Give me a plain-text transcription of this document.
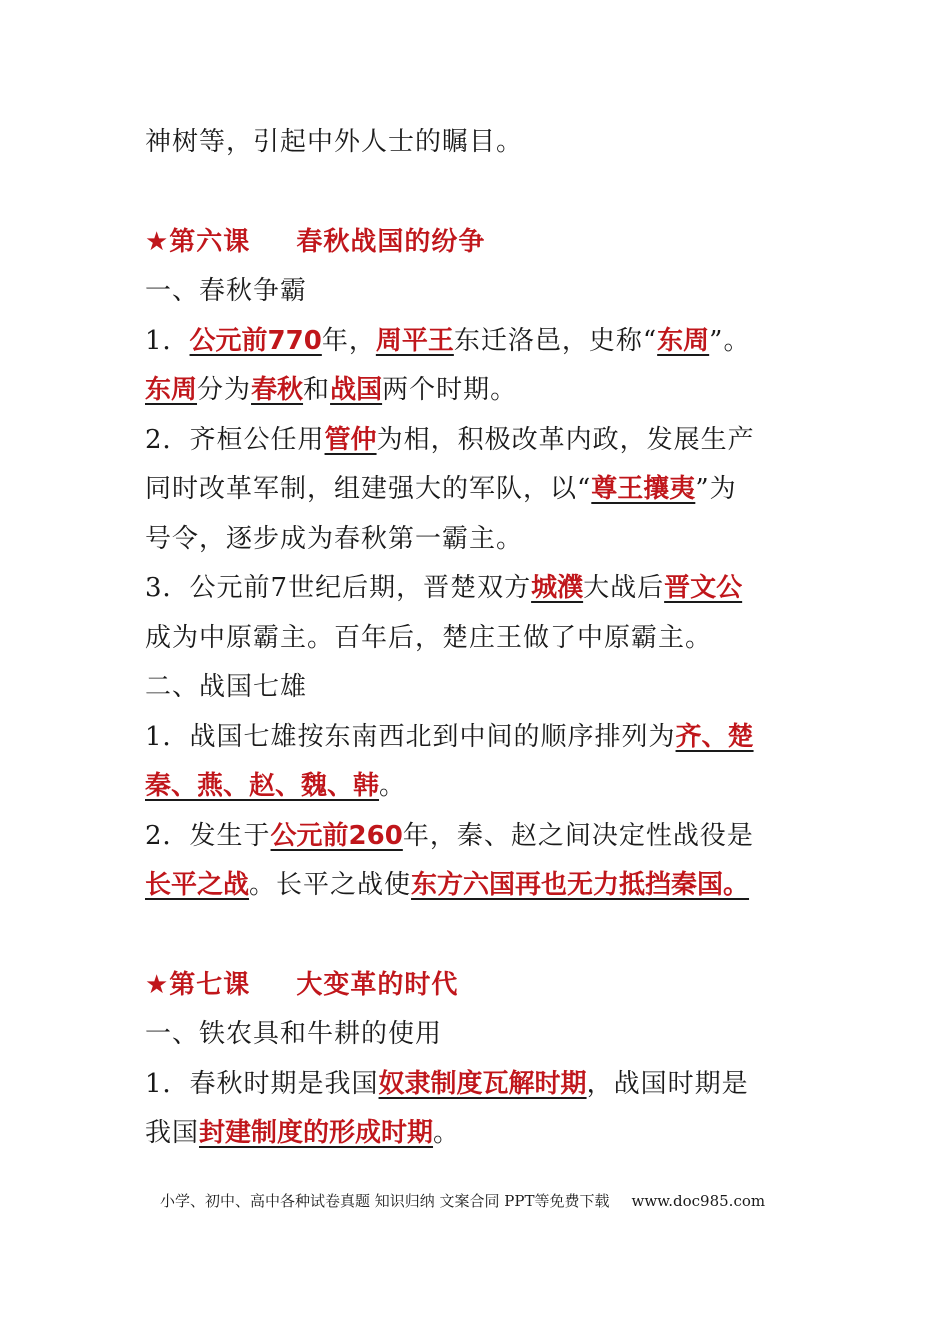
神树等，引起中外人士的瞩目。
★第六课 春秋战国的纷争
一、春秋争霸
1．公元前770年，周平王东迁洛邑，史称“东周”。
东周分为春秋和战国两个时期。
2．齐桓公任用管仲为相，积极改革内政，发展生产
同时改革军制，组建强大的军队，以“尊王攘夷”为
号令，逐步成为春秋第一霸主。
3．公元前7世纪后期，晋楚双方城濮大战后晋文公
成为中原霸主。百年后，楚庄王做了中原霸主。
二、战国七雄
1．战国七雄按东南西北到中间的顺序排列为齐、楚
秦、燕、赵、魏、韩。
2．发生于公元前260年，秦、赵之间决定性战役是
长平之战。长平之战使东方六国再也无力抵挡秦国。
★第七课 大变革的时代
一、铁农具和牛耕的使用
1．春秋时期是我国奴隶制度瓦解时期，战国时期是
我国封建制度的形成时期。
小学、初中、高中各种试卷真题 知识归纳 文案合同 PPT等免费下载 www.doc985.com
